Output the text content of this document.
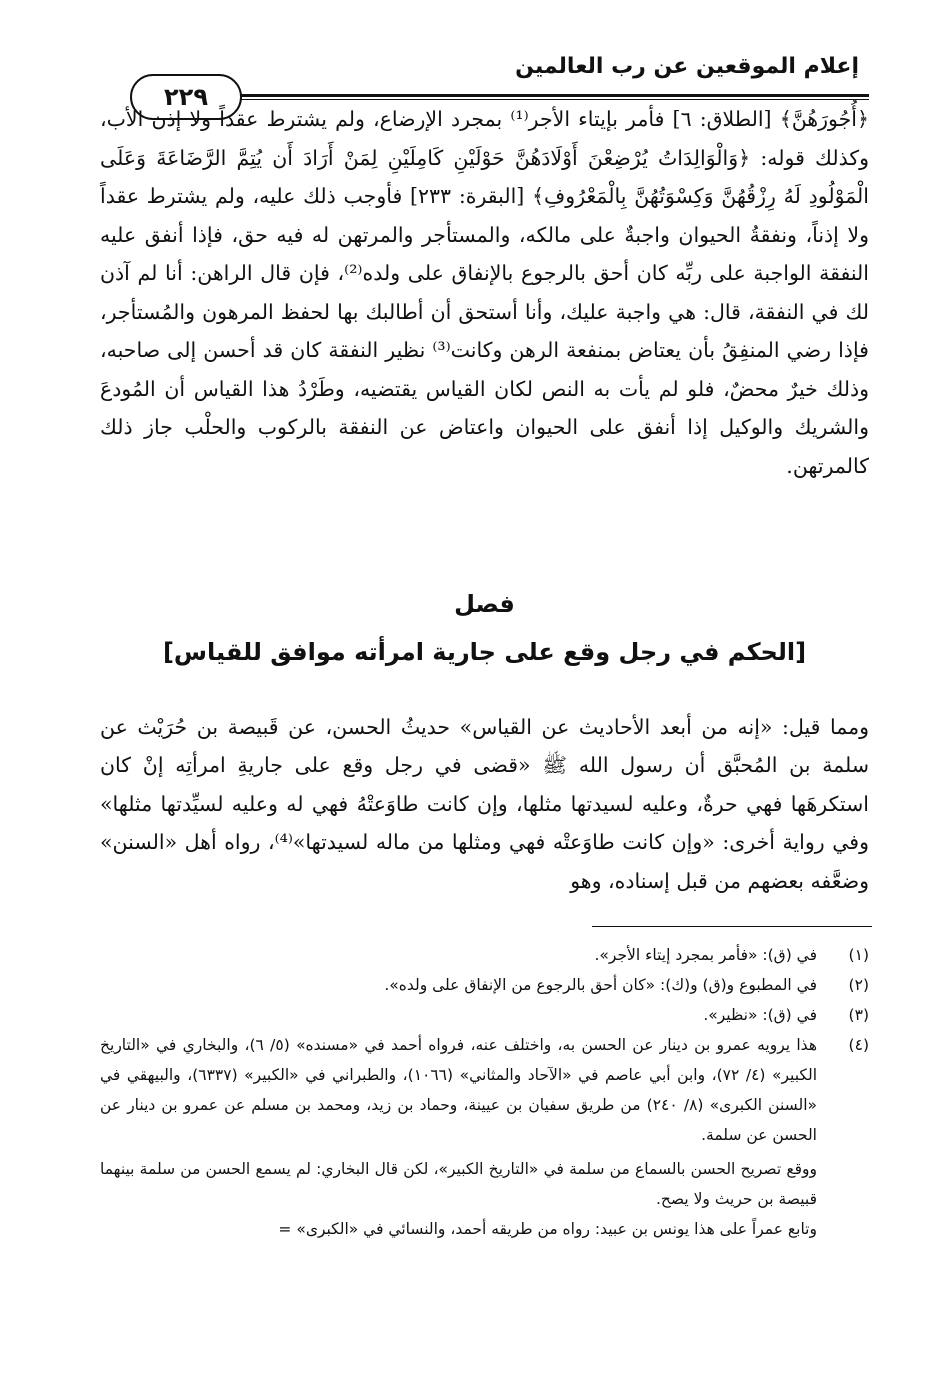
إعلام الموقعين عن رب العالمين
٢٢٩

﴿أُجُورَهُنَّ﴾ [الطلاق: ٦] فأمر بإيتاء الأجر⁽¹⁾ بمجرد الإرضاع، ولم يشترط عقداً ولا إذن الأب، وكذلك قوله: ﴿وَالْوَالِدَاتُ يُرْضِعْنَ أَوْلَادَهُنَّ حَوْلَيْنِ كَامِلَيْنِ لِمَنْ أَرَادَ أَن يُتِمَّ الرَّضَاعَةَ وَعَلَى الْمَوْلُودِ لَهُ رِزْقُهُنَّ وَكِسْوَتُهُنَّ بِالْمَعْرُوفِ﴾ [البقرة: ٢٣٣] فأوجب ذلك عليه، ولم يشترط عقداً ولا إذناً، ونفقةُ الحيوان واجبةٌ على مالكه، والمستأجر والمرتهن له فيه حق، فإذا أنفق عليه النفقة الواجبة على ربِّه كان أحق بالرجوع بالإنفاق على ولده⁽²⁾، فإن قال الراهن: أنا لم آذن لك في النفقة، قال: هي واجبة عليك، وأنا أستحق أن أطالبك بها لحفظ المرهون والمُستأجر، فإذا رضي المنفِقُ بأن يعتاض بمنفعة الرهن وكانت⁽³⁾ نظير النفقة كان قد أحسن إلى صاحبه، وذلك خيرٌ محضٌ، فلو لم يأت به النص لكان القياس يقتضيه، وطَرْدُ هذا القياس أن المُودعَ والشريك والوكيل إذا أنفق على الحيوان واعتاض عن النفقة بالركوب والحلْب جاز ذلك كالمرتهن.

فصل
[الحكم في رجل وقع على جارية امرأته موافق للقياس]

ومما قيل: «إنه من أبعد الأحاديث عن القياس» حديثُ الحسن، عن قَبيصة بن حُرَيْث عن سلمة بن المُحبَّق أن رسول الله ﷺ «قضى في رجل وقع على جاريةِ امرأتِه إنْ كان استكرهَها فهي حرةٌ، وعليه لسيدتها مثلها، وإن كانت طاوَعتْهُ فهي له وعليه لسيِّدتها مثلها» وفي رواية أخرى: «وإن كانت طاوَعتْه فهي ومثلها من ماله لسيدتها»⁽⁴⁾، رواه أهل «السنن» وضعَّفه بعضهم من قبل إسناده، وهو

(١)
في (ق): «فأمر بمجرد إيتاء الأجر».
(٢)
في المطبوع و(ق) و(ك): «كان أحق بالرجوع من الإنفاق على ولده».
(٣)
في (ق): «نظير».
(٤)
هذا يرويه عمرو بن دينار عن الحسن به، واختلف عنه، فرواه أحمد في «مسنده» (٥/ ٦)، والبخاري في «التاريخ الكبير» (٤/ ٧٢)، وابن أبي عاصم في «الآحاد والمثاني» (١٠٦٦)، والطبراني في «الكبير» (٦٣٣٧)، والبيهقي في «السنن الكبرى» (٨/ ٢٤٠) من طريق سفيان بن عيينة، وحماد بن زيد، ومحمد بن مسلم عن عمرو بن دينار عن الحسن عن سلمة.
ووقع تصريح الحسن بالسماع من سلمة في «التاريخ الكبير»، لكن قال البخاري: لم يسمع الحسن من سلمة بينهما قبيصة بن حريث ولا يصح.
وتابع عمراً على هذا يونس بن عبيد: رواه من طريقه أحمد، والنسائي في «الكبرى» =
